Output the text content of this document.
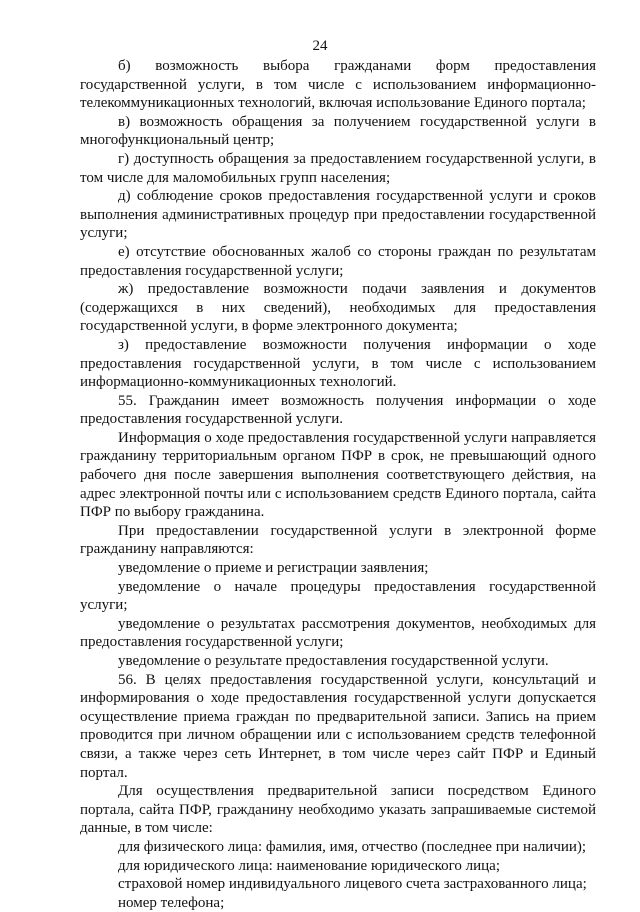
24

б) возможность выбора гражданами форм предоставления государственной услуги, в том числе с использованием информационно-телекоммуникационных технологий, включая использование Единого портала;

в) возможность обращения за получением государственной услуги в многофункциональный центр;

г) доступность обращения за предоставлением государственной услуги, в том числе для маломобильных групп населения;

д) соблюдение сроков предоставления государственной услуги и сроков выполнения административных процедур при предоставлении государственной услуги;

е) отсутствие обоснованных жалоб со стороны граждан по результатам предоставления государственной услуги;

ж) предоставление возможности подачи заявления и документов (содержащихся в них сведений), необходимых для предоставления государственной услуги, в форме электронного документа;

з) предоставление возможности получения информации о ходе предоставления государственной услуги, в том числе с использованием информационно-коммуникационных технологий.

55. Гражданин имеет возможность получения информации о ходе предоставления государственной услуги.

Информация о ходе предоставления государственной услуги направляется гражданину территориальным органом ПФР в срок, не превышающий одного рабочего дня после завершения выполнения соответствующего действия, на адрес электронной почты или с использованием средств Единого портала, сайта ПФР по выбору гражданина.

При предоставлении государственной услуги в электронной форме гражданину направляются:

уведомление о приеме и регистрации заявления;

уведомление о начале процедуры предоставления государственной услуги;

уведомление о результатах рассмотрения документов, необходимых для предоставления государственной услуги;

уведомление о результате предоставления государственной услуги.

56. В целях предоставления государственной услуги, консультаций и информирования о ходе предоставления государственной услуги допускается осуществление приема граждан по предварительной записи. Запись на прием проводится при личном обращении или с использованием средств телефонной связи, а также через сеть Интернет, в том числе через сайт ПФР и Единый портал.

Для осуществления предварительной записи посредством Единого портала, сайта ПФР, гражданину необходимо указать запрашиваемые системой данные, в том числе:

для физического лица: фамилия, имя, отчество (последнее при наличии);

для юридического лица: наименование юридического лица;

страховой номер индивидуального лицевого счета застрахованного лица;

номер телефона;
